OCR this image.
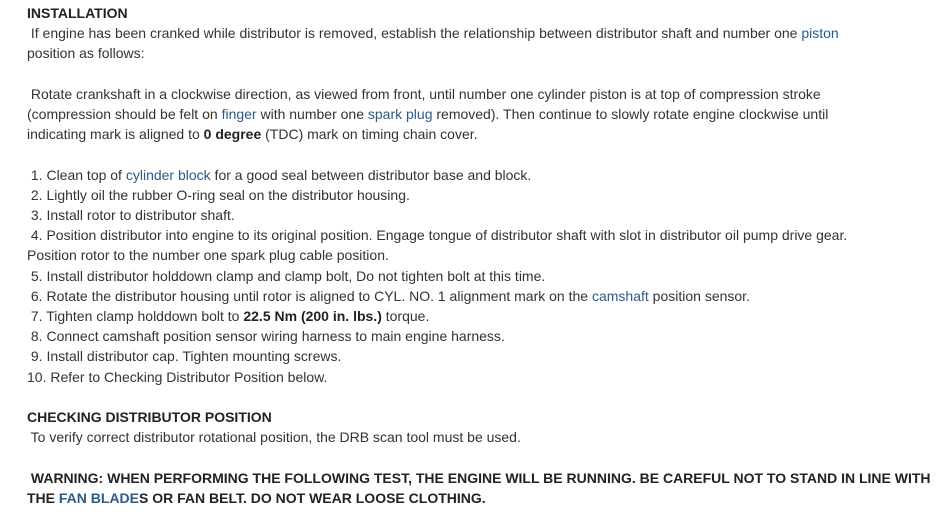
INSTALLATION
If engine has been cranked while distributor is removed, establish the relationship between distributor shaft and number one piston
position as follows:
Rotate crankshaft in a clockwise direction, as viewed from front, until number one cylinder piston is at top of compression stroke
(compression should be felt on finger with number one spark plug removed). Then continue to slowly rotate engine clockwise until
indicating mark is aligned to 0 degree (TDC) mark on timing chain cover.
1. Clean top of cylinder block for a good seal between distributor base and block.
2. Lightly oil the rubber O-ring seal on the distributor housing.
3. Install rotor to distributor shaft.
4. Position distributor into engine to its original position. Engage tongue of distributor shaft with slot in distributor oil pump drive gear.
Position rotor to the number one spark plug cable position.
5. Install distributor holddown clamp and clamp bolt, Do not tighten bolt at this time.
6. Rotate the distributor housing until rotor is aligned to CYL. NO. 1 alignment mark on the camshaft position sensor.
7. Tighten clamp holddown bolt to 22.5 Nm (200 in. lbs.) torque.
8. Connect camshaft position sensor wiring harness to main engine harness.
9. Install distributor cap. Tighten mounting screws.
10. Refer to Checking Distributor Position below.
CHECKING DISTRIBUTOR POSITION
To verify correct distributor rotational position, the DRB scan tool must be used.
WARNING: WHEN PERFORMING THE FOLLOWING TEST, THE ENGINE WILL BE RUNNING. BE CAREFUL NOT TO STAND IN LINE WITH
THE FAN BLADES OR FAN BELT. DO NOT WEAR LOOSE CLOTHING.
